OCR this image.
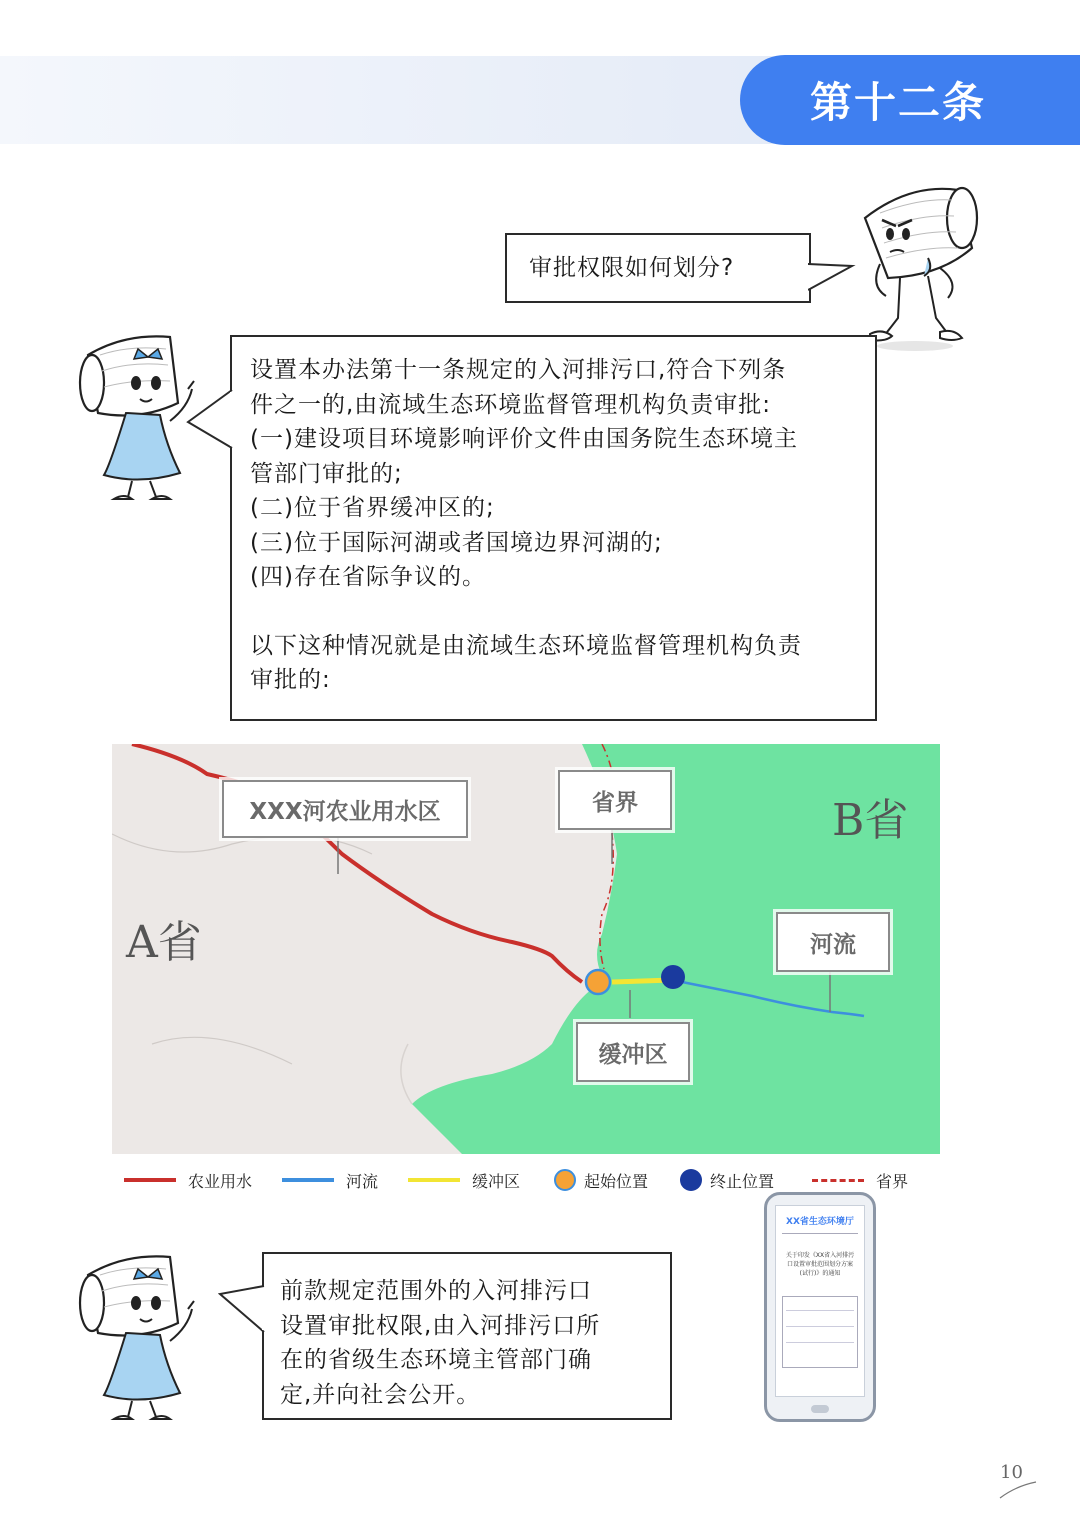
第十二条
审批权限如何划分?
设置本办法第十一条规定的入河排污口,符合下列条
件之一的,由流域生态环境监督管理机构负责审批:
(一)建设项目环境影响评价文件由国务院生态环境主
管部门审批的;
(二)位于省界缓冲区的;
(三)位于国际河湖或者国境边界河湖的;
(四)存在省际争议的。
以下这种情况就是由流域生态环境监督管理机构负责
审批的:
XXX河农业用水区	省界
河流
缓冲区
A省
B省
农业用水	河流	缓冲区	起始位置	终止位置	省界
XX省生态环境厅
关于印发《XX省入河排污
口设置审批范围划分方案
(试行)》的通知
前款规定范围外的入河排污口
设置审批权限,由入河排污口所
在的省级生态环境主管部门确
定,并向社会公开。
10
